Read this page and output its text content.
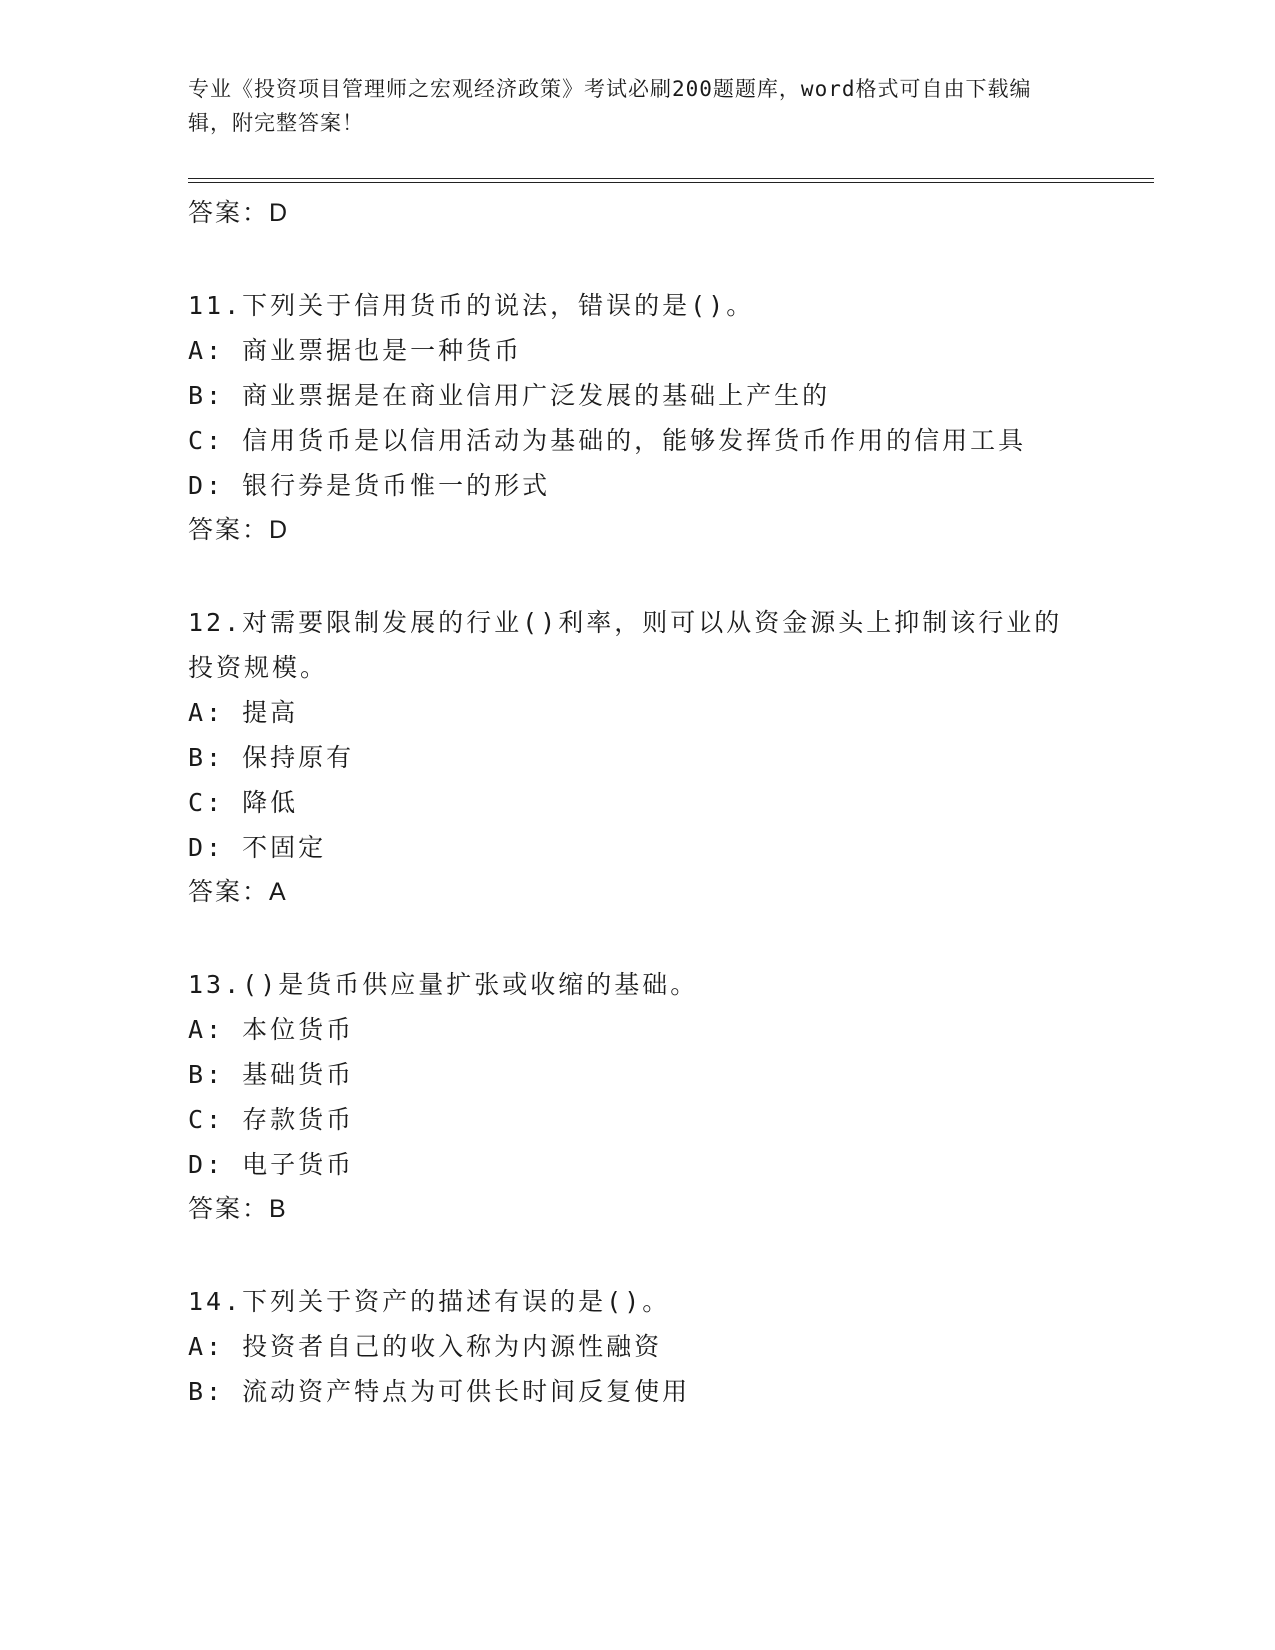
专业《投资项目管理师之宏观经济政策》考试必刷200题题库，word格式可自由下载编辑，附完整答案！
答案：D
11.下列关于信用货币的说法，错误的是()。
A: 商业票据也是一种货币
B: 商业票据是在商业信用广泛发展的基础上产生的
C: 信用货币是以信用活动为基础的，能够发挥货币作用的信用工具
D: 银行券是货币惟一的形式
答案：D
12.对需要限制发展的行业()利率，则可以从资金源头上抑制该行业的投资规模。
A: 提高
B: 保持原有
C: 降低
D: 不固定
答案：A
13.()是货币供应量扩张或收缩的基础。
A: 本位货币
B: 基础货币
C: 存款货币
D: 电子货币
答案：B
14.下列关于资产的描述有误的是()。
A: 投资者自己的收入称为内源性融资
B: 流动资产特点为可供长时间反复使用
